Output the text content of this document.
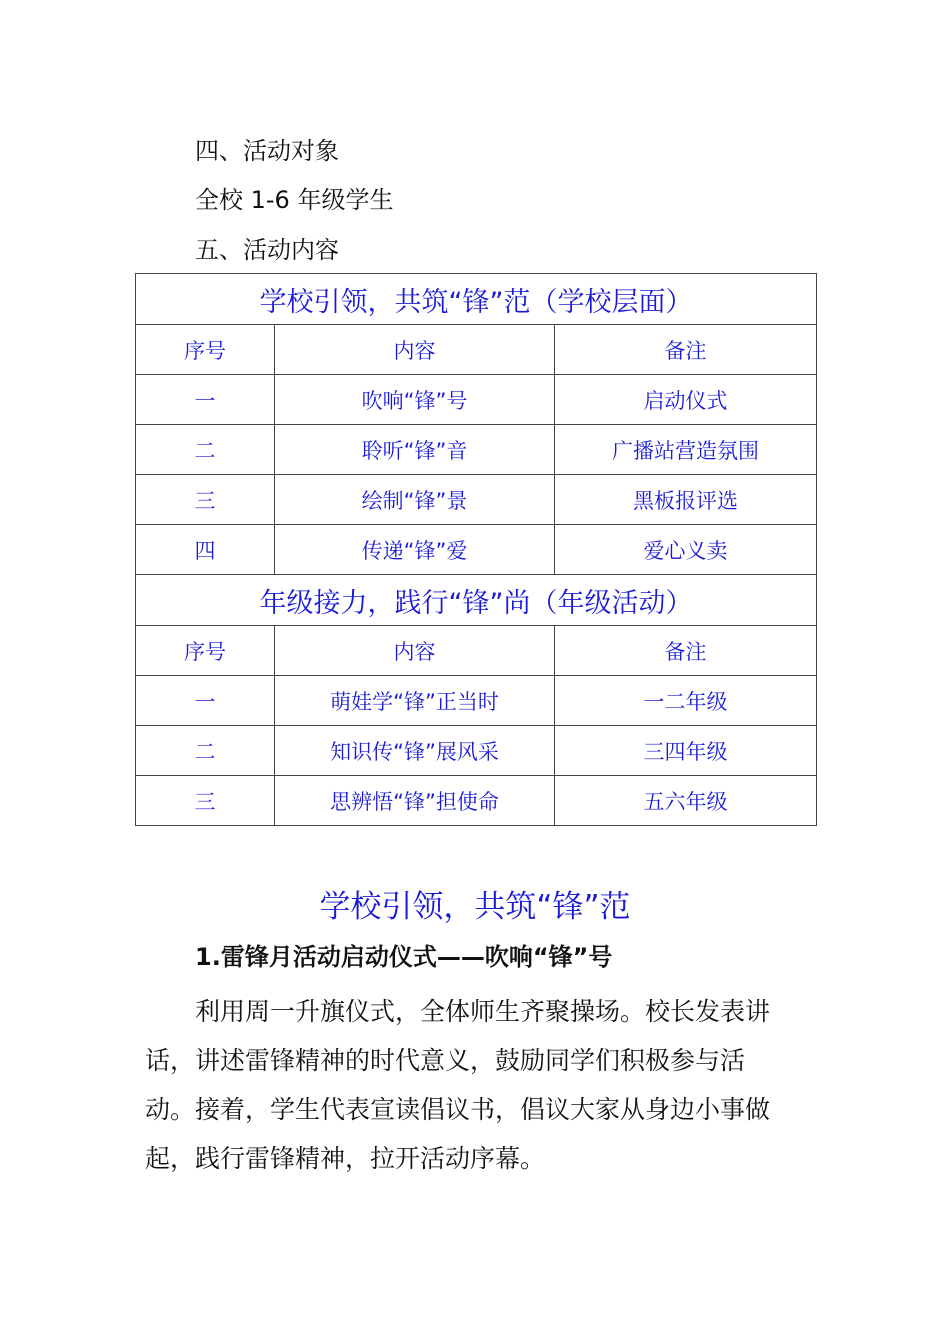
四、活动对象
全校 1-6 年级学生
五、活动内容
学校引领，共筑“锋”范（学校层面）		
序号	内容	备注
一	吹响“锋”号	启动仪式
二	聆听“锋”音	广播站营造氛围
三	绘制“锋”景	黑板报评选
四	传递“锋”爱	爱心义卖
年级接力，践行“锋”尚（年级活动）		
序号	内容	备注
一	萌娃学“锋”正当时	一二年级
二	知识传“锋”展风采	三四年级
三	思辨悟“锋”担使命	五六年级
学校引领，共筑“锋”范
1.雷锋月活动启动仪式——吹响“锋”号

利用周一升旗仪式，全体师生齐聚操场。校长发表讲
话，讲述雷锋精神的时代意义，鼓励同学们积极参与活
动。接着，学生代表宣读倡议书，倡议大家从身边小事做
起，践行雷锋精神，拉开活动序幕。
